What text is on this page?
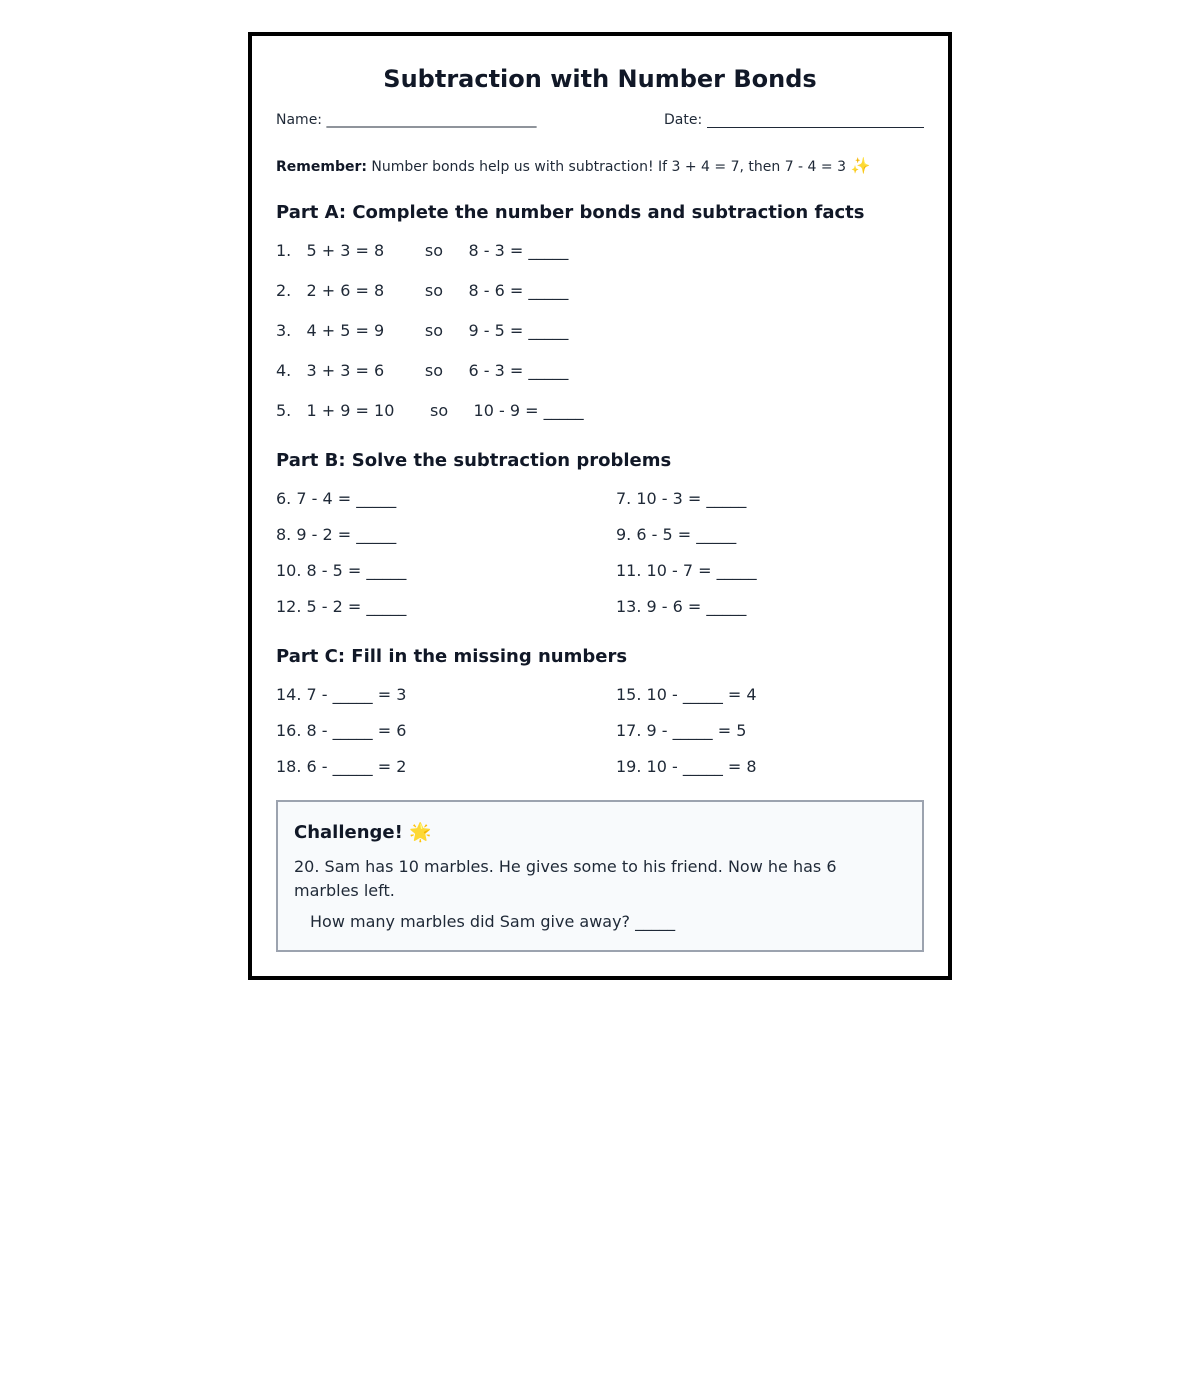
Subtraction with Number Bonds
Name: ______________________________	Date:
Remember: Number bonds help us with subtraction! If 3 + 4 = 7, then 7 - 4 = 3 ✨
Part A: Complete the number bonds and subtraction facts
1.   5 + 3 = 8        so     8 - 3 = _____
2.   2 + 6 = 8        so     8 - 6 = _____
3.   4 + 5 = 9        so     9 - 5 = _____
4.   3 + 3 = 6        so     6 - 3 = _____
5.   1 + 9 = 10       so     10 - 9 = _____
Part B: Solve the subtraction problems
6. 7 - 4 = _____	7. 10 - 3 = _____
8. 9 - 2 = _____	9. 6 - 5 = _____
10. 8 - 5 = _____	11. 10 - 7 = _____
12. 5 - 2 = _____	13. 9 - 6 = _____
Part C: Fill in the missing numbers
14. 7 - _____ = 3	15. 10 - _____ = 4
16. 8 - _____ = 6	17. 9 - _____ = 5
18. 6 - _____ = 2	19. 10 - _____ = 8
Challenge! 🌟
20. Sam has 10 marbles. He gives some to his friend. Now he has 6 marbles left.
How many marbles did Sam give away? _____
